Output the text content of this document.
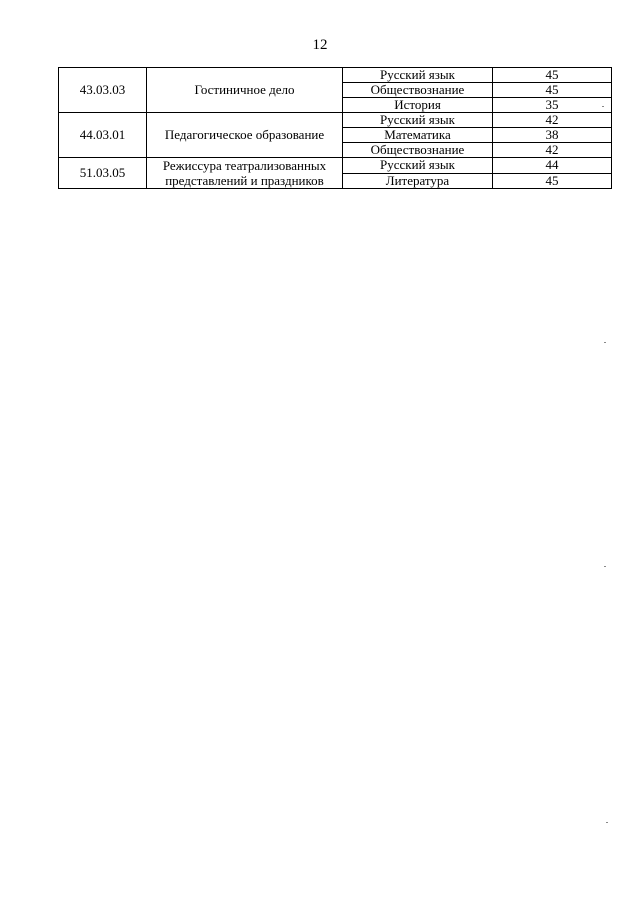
12
43.03.03	Гостиничное дело	Русский язык	45
		Обществознание	45
		История	35
44.03.01	Педагогическое образование	Русский язык	42
		Математика	38
		Обществознание	42
51.03.05	Режиссура театрализованных представлений и праздников	Русский язык	44
		Литература	45
